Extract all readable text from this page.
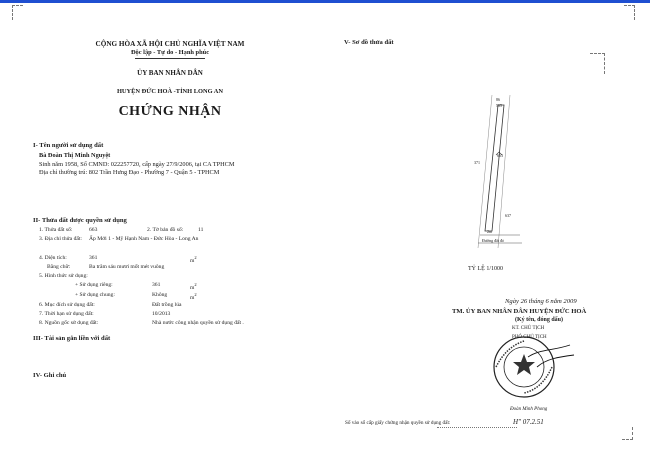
CỘNG HÒA XÃ HỘI CHỦ NGHĨA VIỆT NAM
Độc lập - Tự do - Hạnh phúc
ỦY BAN NHÂN DÂN
HUYỆN ĐỨC HOÀ -TỈNH LONG AN
CHỨNG NHẬN
I- Tên người sử dụng đất
Bà Đoàn Thị Minh Nguyệt
Sinh năm 1958, Số CMND: 022257720, cấp ngày 27/9/2006, tại CA TPHCM
Địa chỉ thường trú: 802 Trần Hưng Đạo - Phường 7 - Quận 5 - TPHCM
II- Thửa đất được quyền sử dụng
1. Thửa đất số:	663	2. Tờ bản đồ số:	11
3. Địa chỉ thửa đất: Ấp Mới 1 - Mỹ Hạnh Nam - Đức Hòa - Long An
4. Diện tích:	361	$m^2$
Bằng chữ:	Ba trăm sáu mươi mốt mét vuông
5. Hình thức sử dụng:
+ Sử dụng riêng:	361	$m^2$
+ Sử dụng chung:	Không	$m^2$
6. Mục đích sử dụng đất:	Đất trồng lúa
7. Thời hạn sử dụng đất:	10/2013
8. Nguồn gốc sử dụng đất:	Nhà nước công nhận quyền sử dụng đất .
III- Tài sản gắn liền với đất
IV- Ghi chú
V- Sơ đồ thửa đất
86
565
371
663
637
2m
Đường đất đỏ
TỶ LỆ 1/1000
Ngày 26 tháng 6 năm 2009
TM. ỦY BAN NHÂN DÂN HUYỆN ĐỨC HOÀ
(Ký tên, đóng dấu)
KT. CHỦ TỊCH
PHÓ CHỦ TỊCH
Đoàn Minh Phong
Số vào sổ cấp giấy chứng nhận quyền sử dụng đất:	H" 07.2.51
